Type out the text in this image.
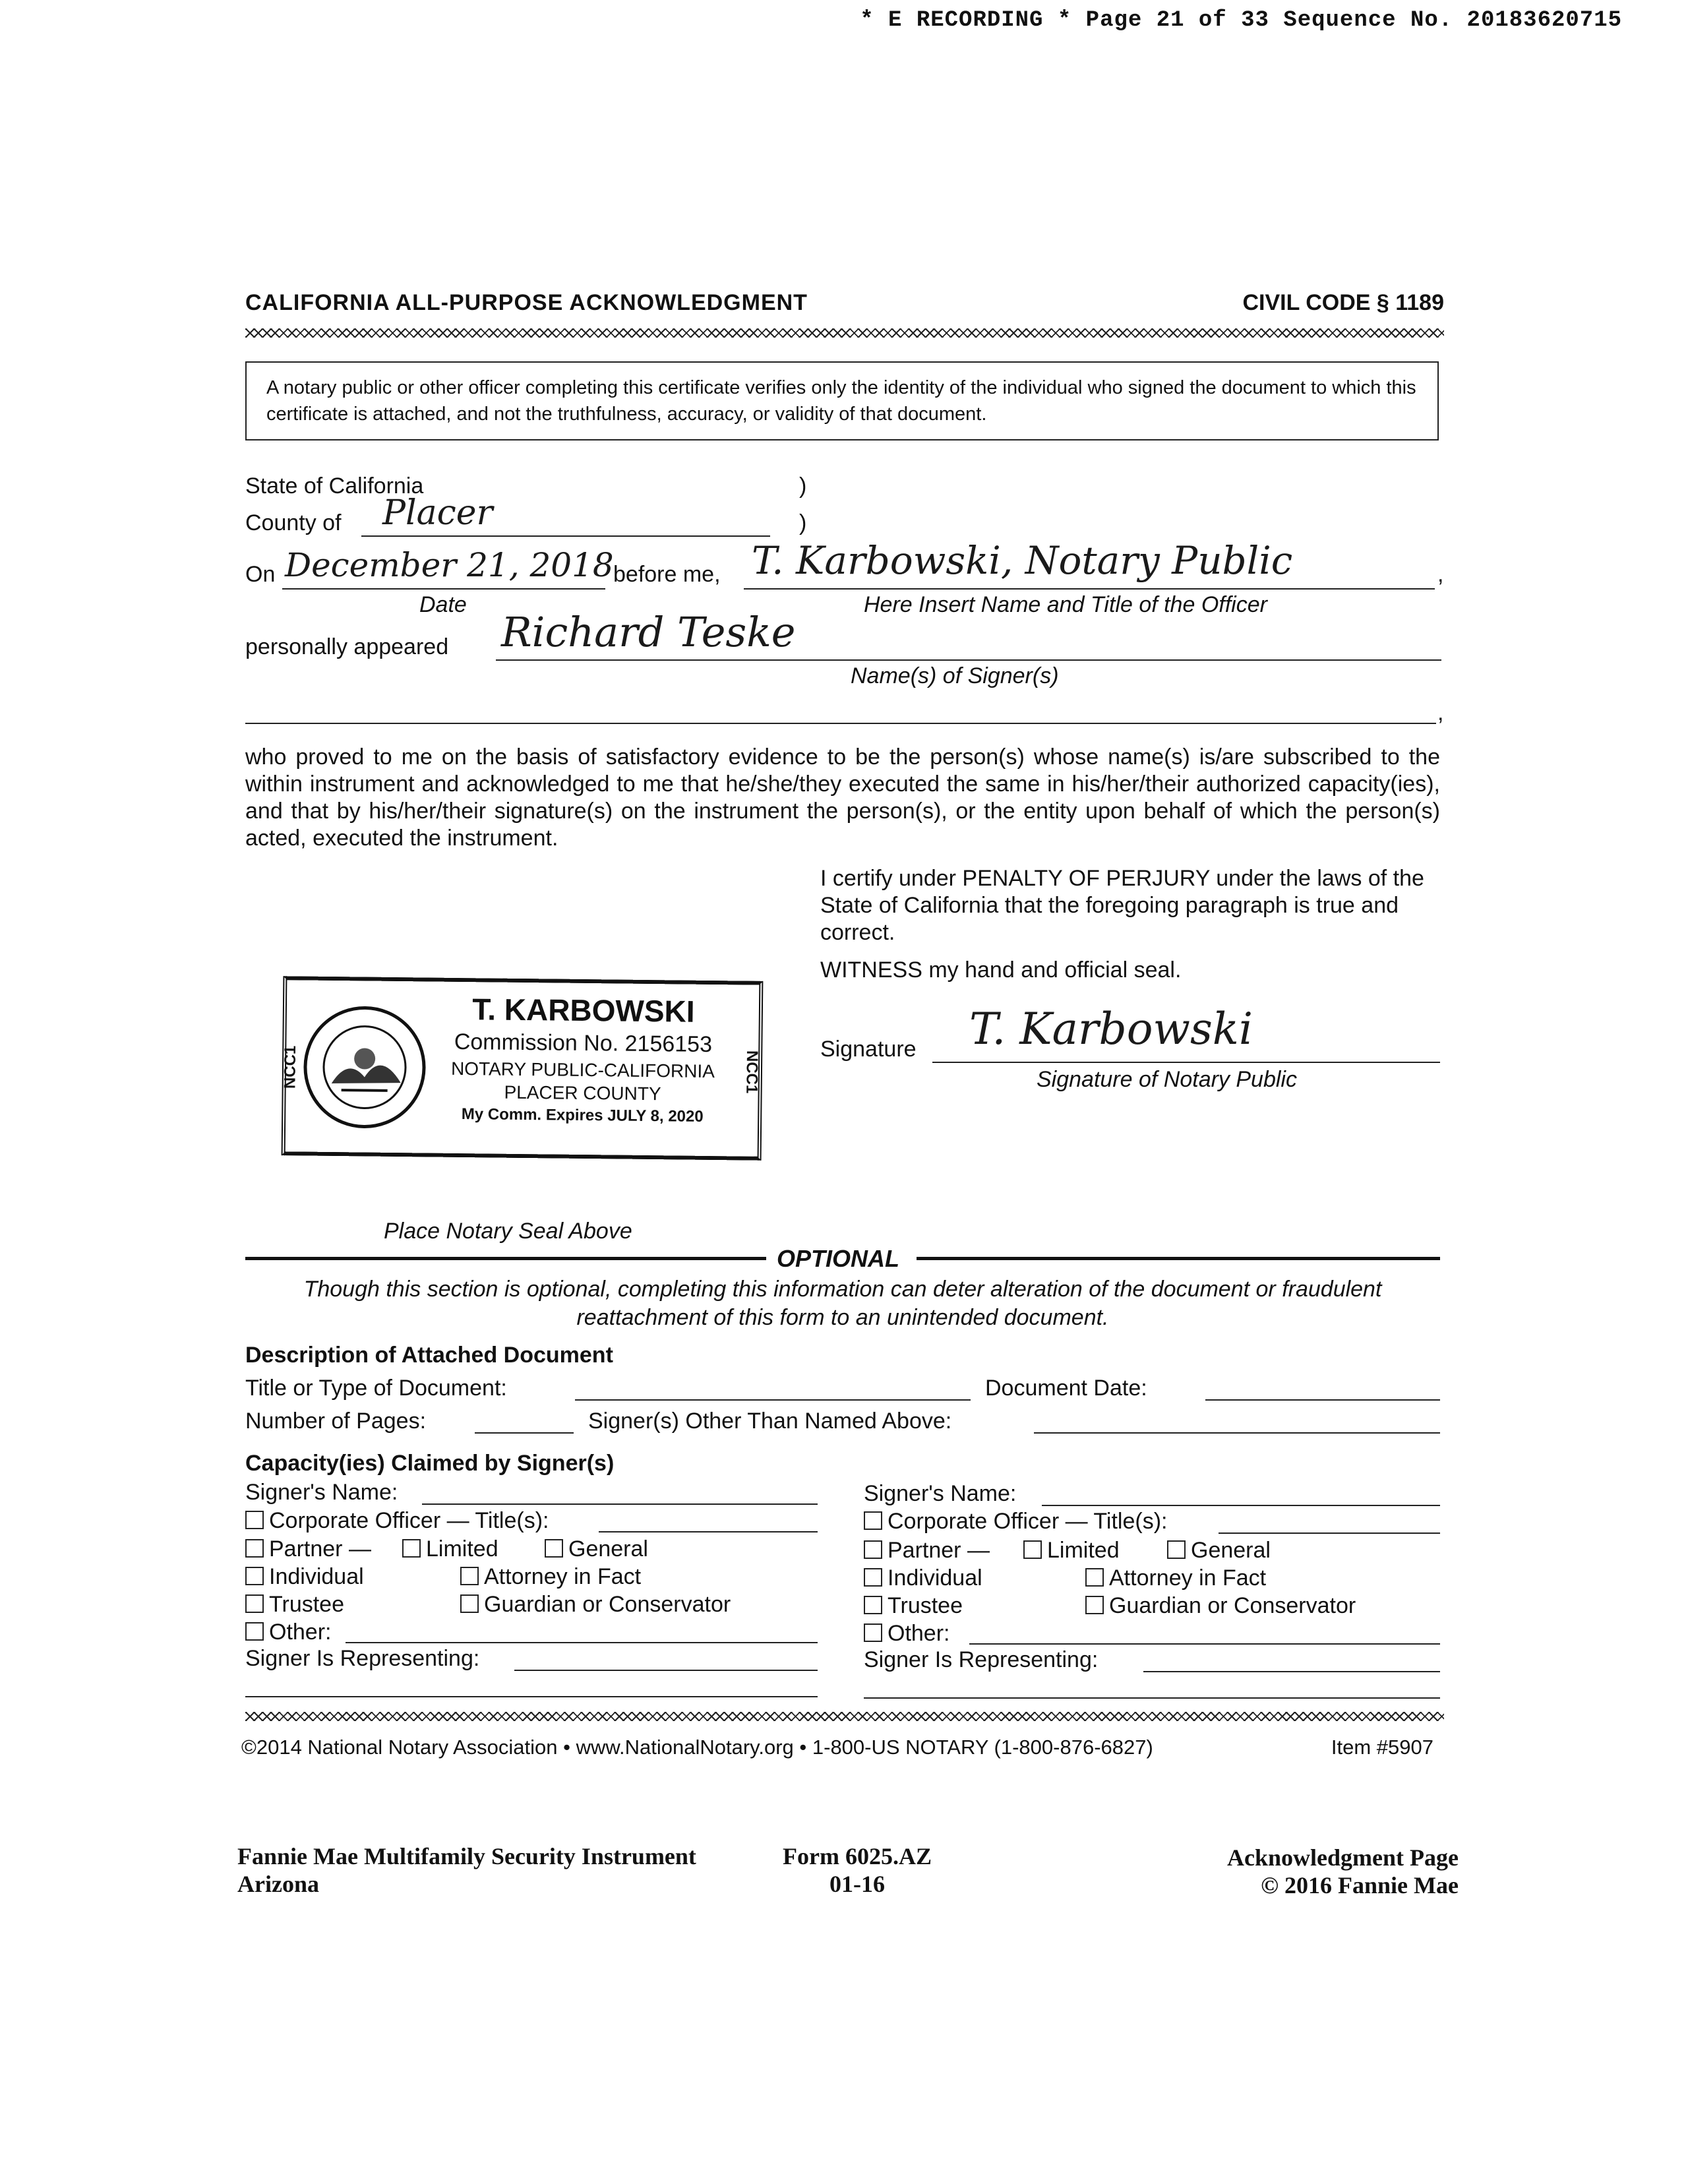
* E RECORDING * Page 21 of 33 Sequence No. 20183620715
CALIFORNIA ALL-PURPOSE ACKNOWLEDGMENT	CIVIL CODE § 1189
A notary public or other officer completing this certificate verifies only the identity of the individual who signed the document to which this certificate is attached, and not the truthfulness, accuracy, or validity of that document.
State of California	)
County of Placer	)
On December 21, 2018 before me, T. Karbowski, Notary Public	,
Date	Here Insert Name and Title of the Officer
personally appeared Richard Teske
Name(s) of Signer(s)
,
who proved to me on the basis of satisfactory evidence to be the person(s) whose name(s) is/are subscribed to the within instrument and acknowledged to me that he/she/they executed the same in his/her/their authorized capacity(ies), and that by his/her/their signature(s) on the instrument the person(s), or the entity upon behalf of which the person(s) acted, executed the instrument.
I certify under PENALTY OF PERJURY under the laws of the State of California that the foregoing paragraph is true and correct.
WITNESS my hand and official seal.
Signature T. Karbowski
Signature of Notary Public
NCC1	NCC1
T. KARBOWSKI
Commission No. 2156153
NOTARY PUBLIC-CALIFORNIA
PLACER COUNTY
My Comm. Expires JULY 8, 2020
Place Notary Seal Above
OPTIONAL
Though this section is optional, completing this information can deter alteration of the document or fraudulent reattachment of this form to an unintended document.
Description of Attached Document
Title or Type of Document:	Document Date:
Number of Pages:	Signer(s) Other Than Named Above:
Capacity(ies) Claimed by Signer(s)
Signer's Name:
Corporate Officer — Title(s):
Partner —	Limited	General
Individual	Attorney in Fact
Trustee	Guardian or Conservator
Other:
Signer Is Representing:
Signer's Name:
Corporate Officer — Title(s):
Partner —	Limited	General
Individual	Attorney in Fact
Trustee	Guardian or Conservator
Other:
Signer Is Representing:
©2014 National Notary Association • www.NationalNotary.org • 1-800-US NOTARY (1-800-876-6827)	Item #5907
Fannie Mae Multifamily Security Instrument
Arizona
Form 6025.AZ
01-16
Acknowledgment Page
© 2016 Fannie Mae
